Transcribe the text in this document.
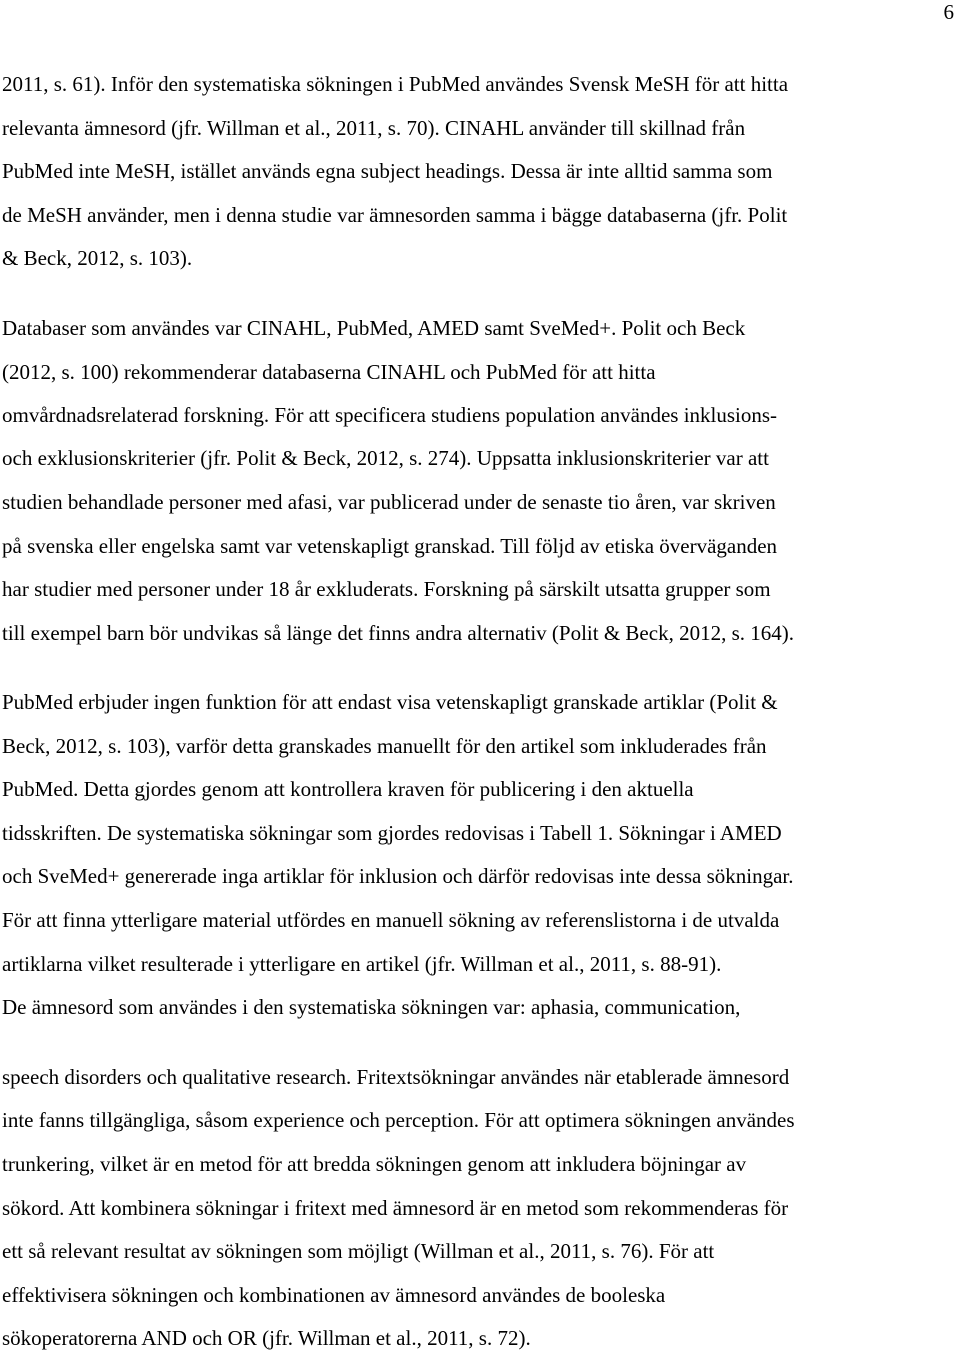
6
2011, s. 61). Inför den systematiska sökningen i PubMed användes Svensk MeSH för att hitta
relevanta ämnesord (jfr. Willman et al., 2011, s. 70). CINAHL använder till skillnad från
PubMed inte MeSH, istället används egna subject headings. Dessa är inte alltid samma som
de MeSH använder, men i denna studie var ämnesorden samma i bägge databaserna (jfr. Polit
& Beck, 2012, s. 103).
Databaser som användes var CINAHL, PubMed, AMED samt SveMed+. Polit och Beck
(2012, s. 100) rekommenderar databaserna CINAHL och PubMed för att hitta
omvårdnadsrelaterad forskning. För att specificera studiens population användes inklusions-
och exklusionskriterier (jfr. Polit & Beck, 2012, s. 274). Uppsatta inklusionskriterier var att
studien behandlade personer med afasi, var publicerad under de senaste tio åren, var skriven
på svenska eller engelska samt var vetenskapligt granskad. Till följd av etiska överväganden
har studier med personer under 18 år exkluderats. Forskning på särskilt utsatta grupper som
till exempel barn bör undvikas så länge det finns andra alternativ (Polit & Beck, 2012, s. 164).
PubMed erbjuder ingen funktion för att endast visa vetenskapligt granskade artiklar (Polit &
Beck, 2012, s. 103), varför detta granskades manuellt för den artikel som inkluderades från
PubMed. Detta gjordes genom att kontrollera kraven för publicering i den aktuella
tidsskriften. De systematiska sökningar som gjordes redovisas i Tabell 1. Sökningar i AMED
och SveMed+ genererade inga artiklar för inklusion och därför redovisas inte dessa sökningar.
För att finna ytterligare material utfördes en manuell sökning av referenslistorna i de utvalda
artiklarna vilket resulterade i ytterligare en artikel (jfr. Willman et al., 2011, s. 88-91).
De ämnesord som användes i den systematiska sökningen var: aphasia, communication,
speech disorders och qualitative research. Fritextsökningar användes när etablerade ämnesord
inte fanns tillgängliga, såsom experience och perception. För att optimera sökningen användes
trunkering, vilket är en metod för att bredda sökningen genom att inkludera böjningar av
sökord. Att kombinera sökningar i fritext med ämnesord är en metod som rekommenderas för
ett så relevant resultat av sökningen som möjligt (Willman et al., 2011, s. 76). För att
effektivisera sökningen och kombinationen av ämnesord användes de booleska
sökoperatorerna AND och OR (jfr. Willman et al., 2011, s. 72).
